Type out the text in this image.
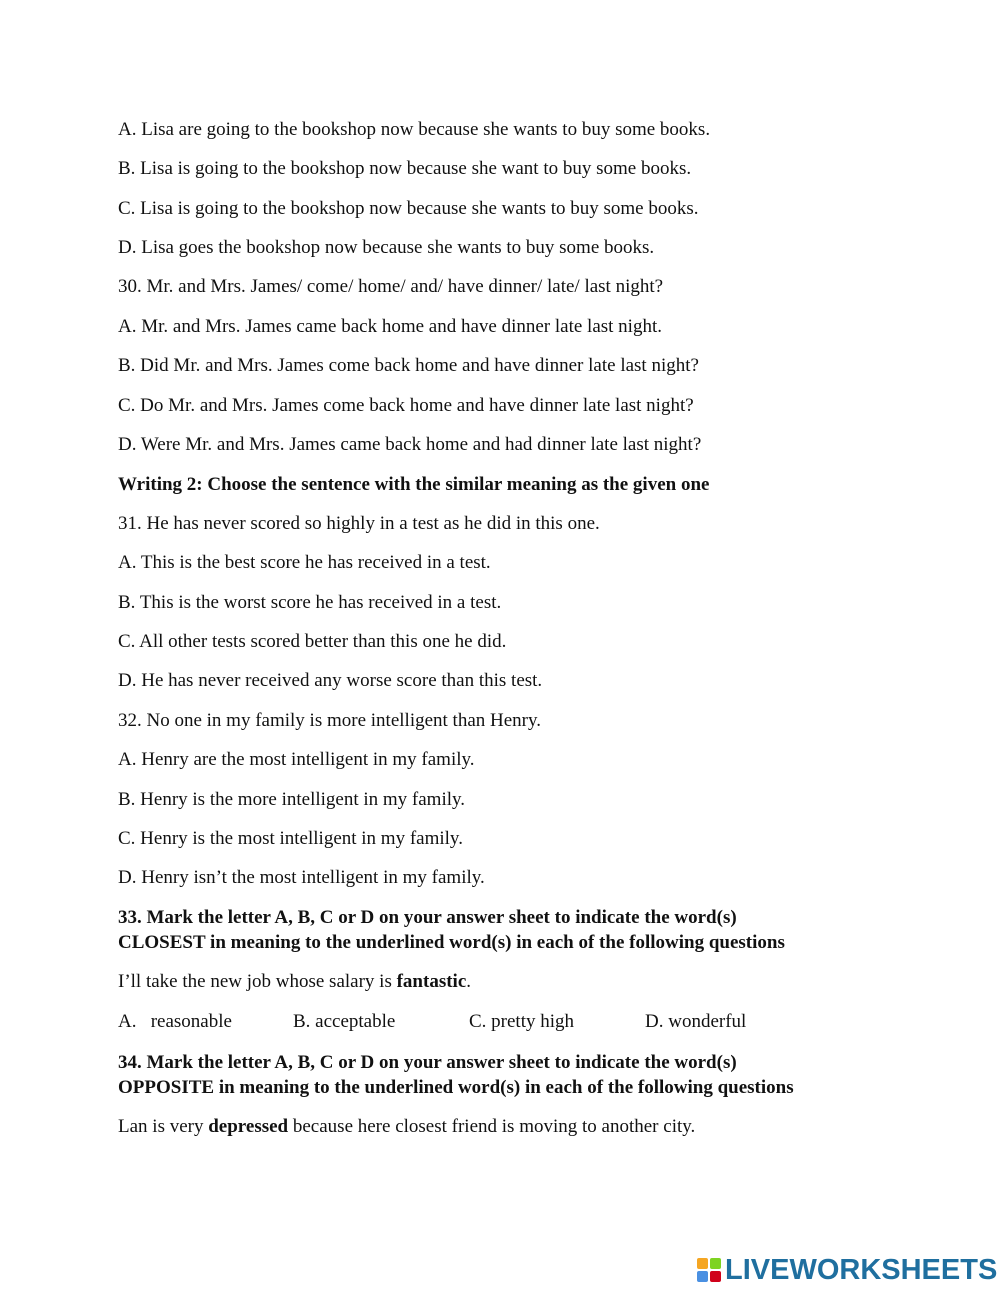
A. Lisa are going to the bookshop now because she wants to buy some books.
B. Lisa is going to the bookshop now because she want to buy some books.
C. Lisa is going to the bookshop now because she wants to buy some books.
D. Lisa goes the bookshop now because she wants to buy some books.
30. Mr. and Mrs. James/ come/ home/ and/ have dinner/ late/ last night?
A. Mr. and Mrs. James came back home and have dinner late last night.
B. Did Mr. and Mrs. James come back home and have dinner late last night?
C. Do Mr. and Mrs. James come back home and have dinner late last night?
D. Were Mr. and Mrs. James came back home and had dinner late last night?
Writing 2: Choose the sentence with the similar meaning as the given one
31. He has never scored so highly in a test as he did in this one.
A. This is the best score he has received in a test.
B. This is the worst score he has received in a test.
C. All other tests scored better than this one he did.
D. He has never received any worse score than this test.
32. No one in my family is more intelligent than Henry.
A. Henry are the most intelligent in my family.
B. Henry is the more intelligent in my family.
C. Henry is the most intelligent in my family.
D. Henry isn’t the most intelligent in my family.
33. Mark the letter A, B, C or D on your answer sheet to indicate the word(s)
CLOSEST in meaning to the underlined word(s) in each of the following questions
I’ll take the new job whose salary is fantastic.
A.   reasonable	B. acceptable	C. pretty high	D. wonderful
34. Mark the letter A, B, C or D on your answer sheet to indicate the word(s)
OPPOSITE in meaning to the underlined word(s) in each of the following questions
Lan is very depressed because here closest friend is moving to another city.
LIVEWORKSHEETS
